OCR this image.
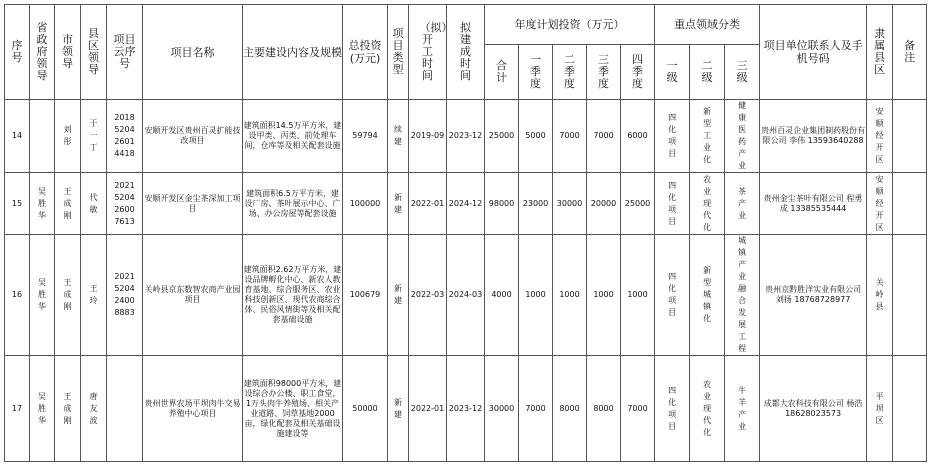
序号	省政府领导	市领导	县区领导	项目云序号	项目名称	主要建设内容及规模	总投资(万元)	项目类型	（拟）开工时间	拟建成时间	年度计划投资（万元）					重点领域分类			项目单位联系人及手机号码	隶属县区	备注
											合计	一季度	二季度	三季度	四季度	一级	二级	三级			
14		刘彤	于一丁	2018520426014418	安顺开发区贵州百灵扩能技改项目	建筑面积14.5万平方米，建设甲类、丙类、前处理车间，仓库等及相关配套设施	59794	续建	2019-09	2023-12	25000	5000	7000	7000	6000	四化项目	新型工业化	健康医药产业	贵州百灵企业集团制药股份有限公司 李伟 13593640288	安顺经开区	
15	吴胜华	王成刚	代敏	2021520426007613	安顺开发区金尘茶深加工项目	建筑面积6.5万平方米，建设厂房、茶叶展示中心、广场、办公房屋等配套设施	100000	新建	2022-01	2024-12	98000	23000	30000	20000	25000	四化项目	农业现代化	茶产业	贵州金尘茶叶有限公司 程勇成 13385535444	安顺经开区	
16	吴胜华	王成刚	王玲	2021520424008883	关岭县京东数智农商产业园项目	建筑面积2.62万平方米，建设品牌孵化中心、新农人教育基地、综合服务区、农业科技创新区、现代农商综合体、民俗风情街等及相关配套基础设施	100679	新建	2022-03	2024-03	4000	1000	1000	1000	1000	四化项目	新型城镇化	城镇产业融合发展工程	贵州京黔胜洋实业有限公司 刘扬 18768728977	关岭县	
17	吴胜华	王成刚	唐友波		贵州世界农场平坝肉牛交易养殖中心项目	建筑面积98000平方米，建设综合办公楼、职工食堂，1万头肉牛养殖场、相关产业道路、饲草基地2000亩，绿化配套及相关基础设施建设等	50000	新建	2022-01	2023-12	30000	7000	8000	8000	7000	四化项目	农业现代化	牛羊产业	成都大农科技有限公司 杨浩 18628023573	平坝区	
